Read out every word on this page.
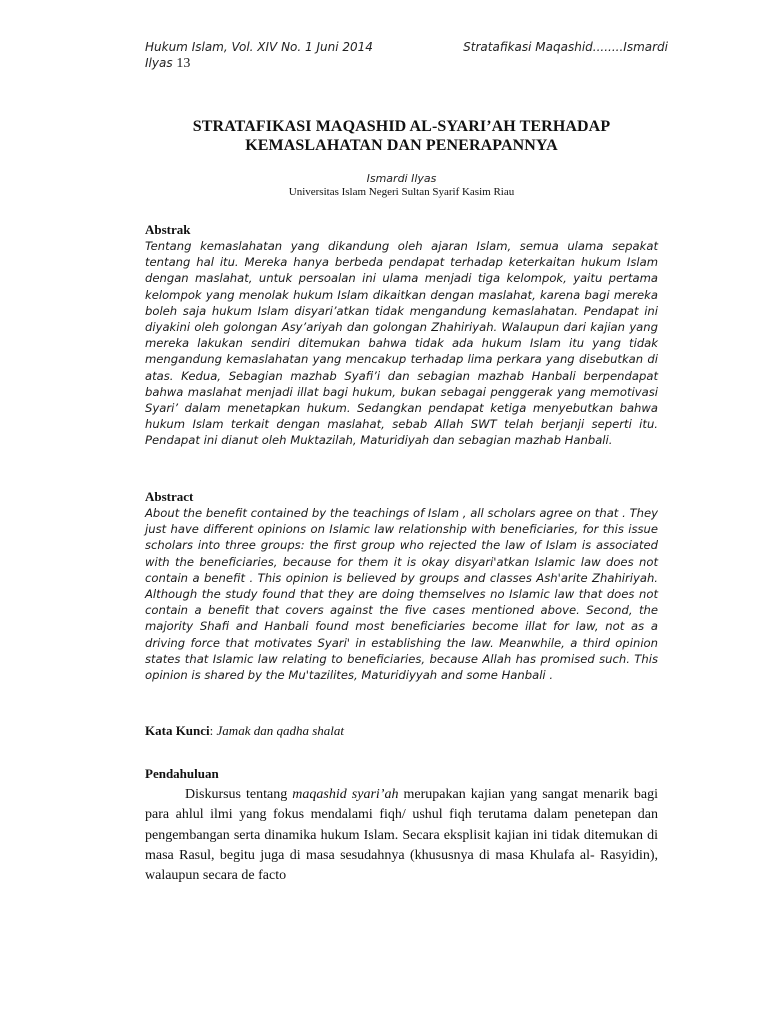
Hukum Islam, Vol. XIV No. 1 Juni 2014	Stratafikasi Maqashid........Ismardi
Ilyas 13
STRATAFIKASI MAQASHID AL-SYARI’AH TERHADAP
KEMASLAHATAN DAN PENERAPANNYA
Ismardi Ilyas
Universitas Islam Negeri Sultan Syarif Kasim Riau
Abstrak

Tentang kemaslahatan yang dikandung oleh ajaran Islam, semua ulama sepakat tentang hal itu. Mereka hanya berbeda pendapat terhadap keterkaitan hukum Islam dengan maslahat, untuk persoalan ini ulama menjadi tiga kelompok, yaitu pertama kelompok yang menolak hukum Islam dikaitkan dengan maslahat, karena bagi mereka boleh saja hukum Islam disyari’atkan tidak mengandung kemaslahatan. Pendapat ini diyakini oleh golongan Asy’ariyah dan golongan Zhahiriyah. Walaupun dari kajian yang mereka lakukan sendiri ditemukan bahwa tidak ada hukum Islam itu yang tidak mengandung kemaslahatan yang mencakup terhadap lima perkara yang disebutkan di atas. Kedua, Sebagian mazhab Syafi’i dan sebagian mazhab Hanbali berpendapat bahwa maslahat menjadi illat bagi hukum, bukan sebagai penggerak yang memotivasi Syari’ dalam menetapkan hukum. Sedangkan pendapat ketiga menyebutkan bahwa hukum Islam terkait dengan maslahat, sebab Allah SWT telah berjanji seperti itu. Pendapat ini dianut oleh Muktazilah, Maturidiyah dan sebagian mazhab Hanbali.

Abstract

About the benefit contained by the teachings of Islam , all scholars agree on that . They just have different opinions on Islamic law relationship with beneficiaries, for this issue scholars into three groups: the first group who rejected the law of Islam is associated with the beneficiaries, because for them it is okay disyari'atkan Islamic law does not contain a benefit . This opinion is believed by groups and classes Ash'arite Zhahiriyah. Although the study found that they are doing themselves no Islamic law that does not contain a benefit that covers against the five cases mentioned above. Second, the majority Shafi and Hanbali found most beneficiaries become illat for law, not as a driving force that motivates Syari' in establishing the law. Meanwhile, a third opinion states that Islamic law relating to beneficiaries, because Allah has promised such. This opinion is shared by the Mu'tazilites, Maturidiyyah and some Hanbali .

Kata Kunci: Jamak dan qadha shalat
Pendahuluan

Diskursus tentang maqashid syari’ah merupakan kajian yang sangat menarik bagi para ahlul ilmi yang fokus mendalami fiqh/ ushul fiqh terutama dalam penetepan dan pengembangan serta dinamika hukum Islam. Secara eksplisit kajian ini tidak ditemukan di masa Rasul, begitu juga di masa sesudahnya (khususnya di masa Khulafa al- Rasyidin), walaupun secara de facto
